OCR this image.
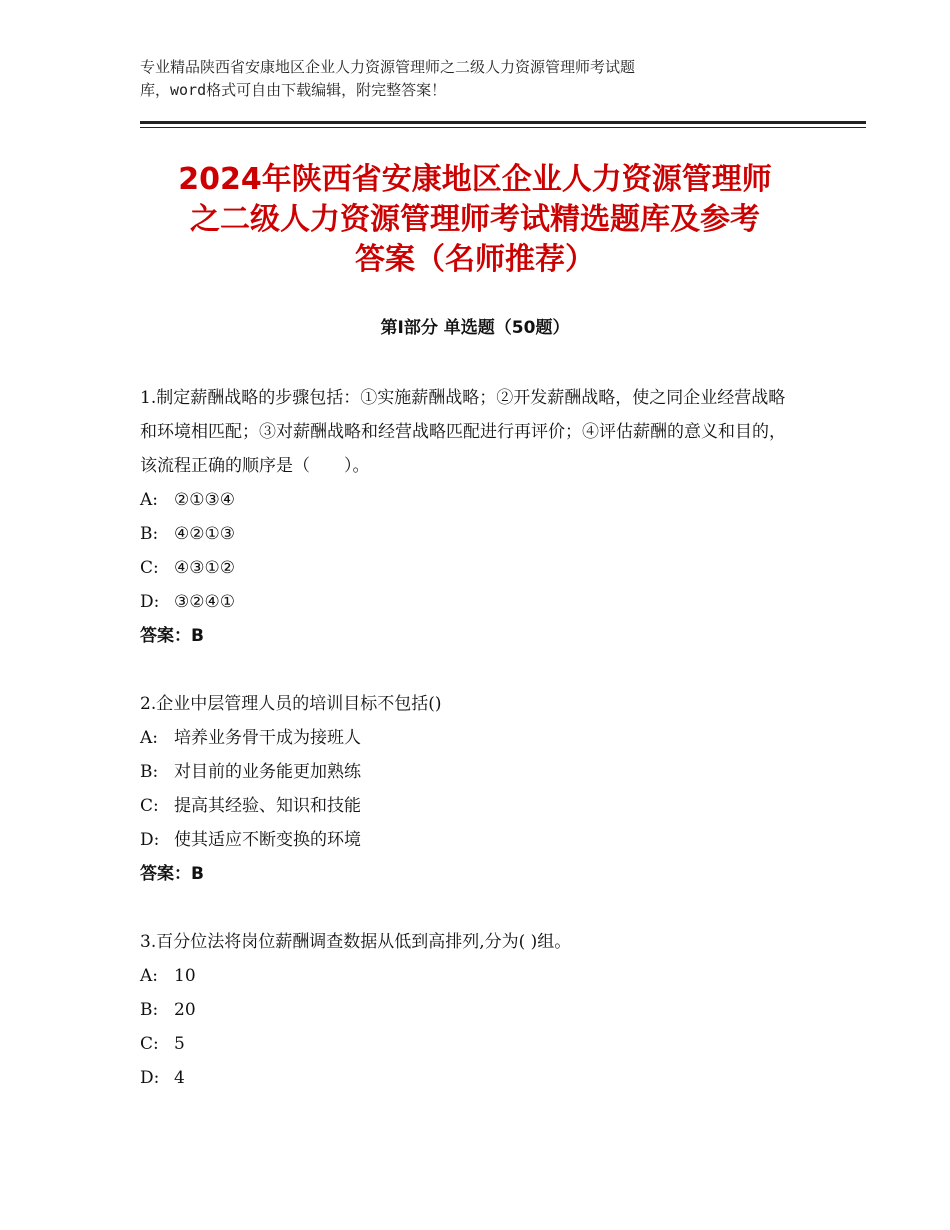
专业精品陕西省安康地区企业人力资源管理师之二级人力资源管理师考试题
库，word格式可自由下载编辑，附完整答案！
2024年陕西省安康地区企业人力资源管理师
之二级人力资源管理师考试精选题库及参考
答案（名师推荐）
第Ⅰ部分 单选题（50题）

1.制定薪酬战略的步骤包括：①实施薪酬战略；②开发薪酬战略，使之同企业经营战略和环境相匹配；③对薪酬战略和经营战略匹配进行再评价；④评估薪酬的意义和目的，该流程正确的顺序是（　　）。

A: ②①③④

B: ④②①③

C: ④③①②

D: ③②④①

答案：B

2.企业中层管理人员的培训目标不包括()

A: 培养业务骨干成为接班人

B: 对目前的业务能更加熟练

C: 提高其经验、知识和技能

D: 使其适应不断变换的环境

答案：B

3.百分位法将岗位薪酬调查数据从低到高排列,分为( )组。

A: 10

B: 20

C: 5

D: 4
